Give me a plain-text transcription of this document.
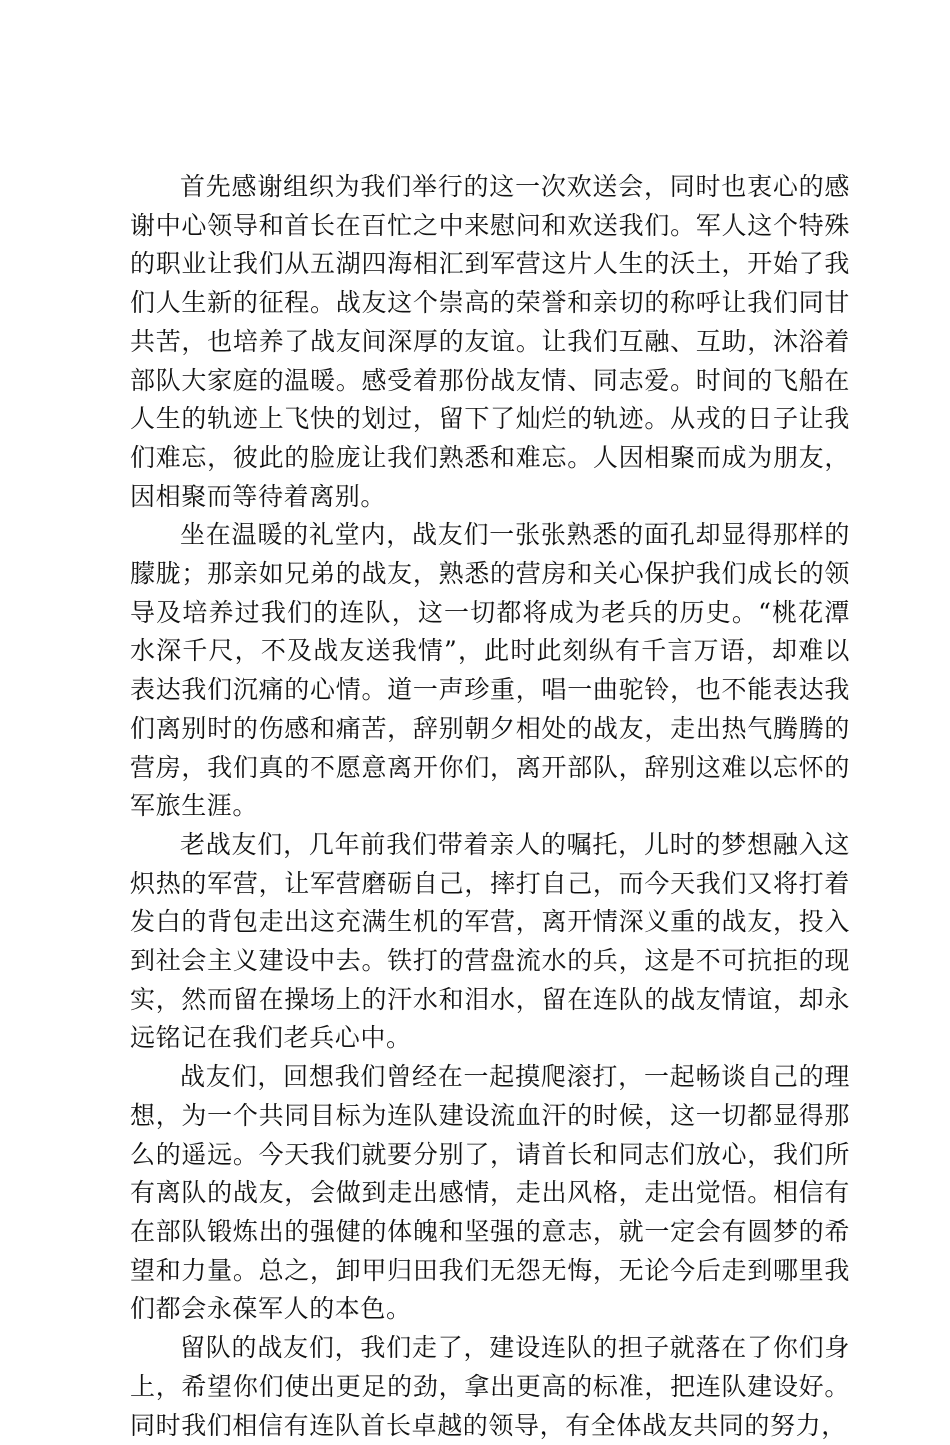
首先感谢组织为我们举行的这一次欢送会，同时也衷心的感谢中心领导和首长在百忙之中来慰问和欢送我们。军人这个特殊的职业让我们从五湖四海相汇到军营这片人生的沃土，开始了我们人生新的征程。战友这个崇高的荣誉和亲切的称呼让我们同甘共苦，也培养了战友间深厚的友谊。让我们互融、互助，沐浴着部队大家庭的温暖。感受着那份战友情、同志爱。时间的飞船在人生的轨迹上飞快的划过，留下了灿烂的轨迹。从戎的日子让我们难忘，彼此的脸庞让我们熟悉和难忘。人因相聚而成为朋友，因相聚而等待着离别。

坐在温暖的礼堂内，战友们一张张熟悉的面孔却显得那样的朦胧；那亲如兄弟的战友，熟悉的营房和关心保护我们成长的领导及培养过我们的连队，这一切都将成为老兵的历史。“桃花潭水深千尺，不及战友送我情”，此时此刻纵有千言万语，却难以表达我们沉痛的心情。道一声珍重，唱一曲驼铃，也不能表达我们离别时的伤感和痛苦，辞别朝夕相处的战友，走出热气腾腾的营房，我们真的不愿意离开你们，离开部队，辞别这难以忘怀的军旅生涯。

老战友们，几年前我们带着亲人的嘱托，儿时的梦想融入这炽热的军营，让军营磨砺自己，摔打自己，而今天我们又将打着发白的背包走出这充满生机的军营，离开情深义重的战友，投入到社会主义建设中去。铁打的营盘流水的兵，这是不可抗拒的现实，然而留在操场上的汗水和泪水，留在连队的战友情谊，却永远铭记在我们老兵心中。

战友们，回想我们曾经在一起摸爬滚打，一起畅谈自己的理想，为一个共同目标为连队建设流血汗的时候，这一切都显得那么的遥远。今天我们就要分别了，请首长和同志们放心，我们所有离队的战友，会做到走出感情，走出风格，走出觉悟。相信有在部队锻炼出的强健的体魄和坚强的意志，就一定会有圆梦的希望和力量。总之，卸甲归田我们无怨无悔，无论今后走到哪里我们都会永葆军人的本色。

留队的战友们，我们走了，建设连队的担子就落在了你们身上，希望你们使出更足的劲，拿出更高的标准，把连队建设好。同时我们相信有连队首长卓越的领导，有全体战友共同的努力，
